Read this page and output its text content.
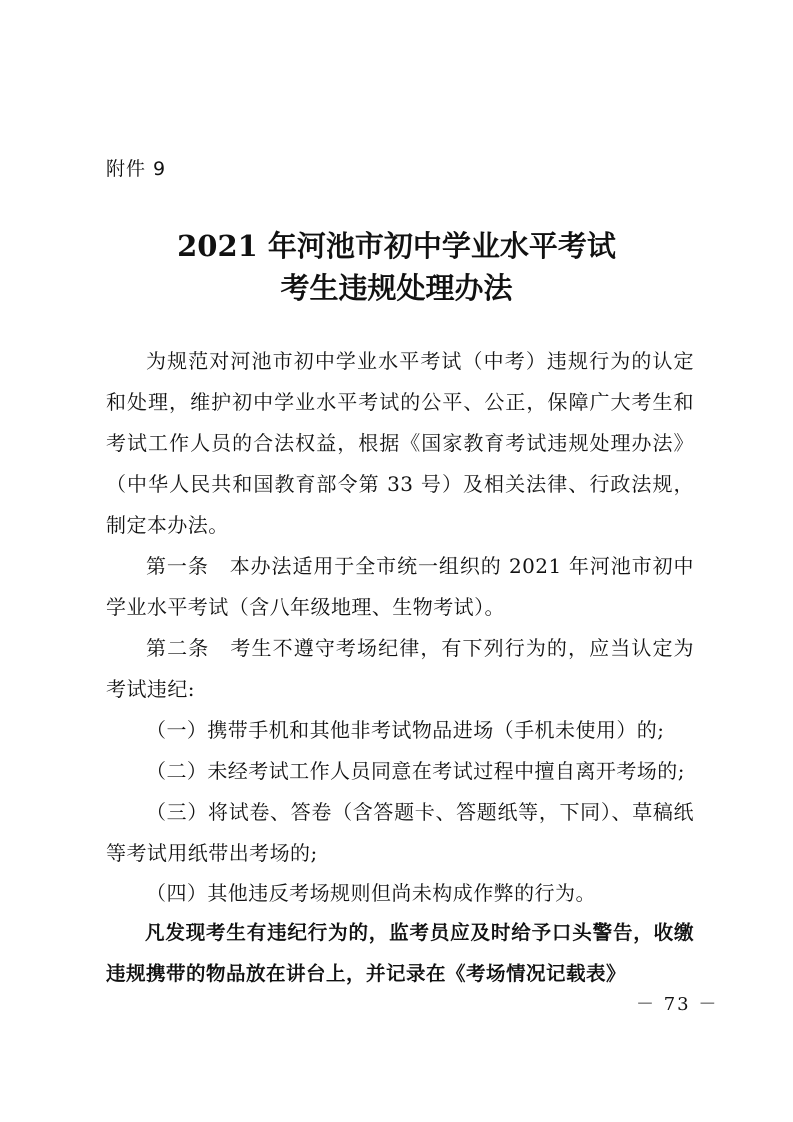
附件 9
2021 年河池市初中学业水平考试
考生违规处理办法

为规范对河池市初中学业水平考试（中考）违规行为的认定和处理，维护初中学业水平考试的公平、公正，保障广大考生和考试工作人员的合法权益，根据《国家教育考试违规处理办法》（中华人民共和国教育部令第 33 号）及相关法律、行政法规，制定本办法。

第一条　本办法适用于全市统一组织的 2021 年河池市初中学业水平考试（含八年级地理、生物考试）。

第二条　考生不遵守考场纪律，有下列行为的，应当认定为考试违纪:

（一）携带手机和其他非考试物品进场（手机未使用）的;

（二）未经考试工作人员同意在考试过程中擅自离开考场的;

（三）将试卷、答卷（含答题卡、答题纸等，下同）、草稿纸等考试用纸带出考场的;

（四）其他违反考场规则但尚未构成作弊的行为。

凡发现考生有违纪行为的，监考员应及时给予口头警告，收缴违规携带的物品放在讲台上，并记录在《考场情况记载表》

－ 73 －
